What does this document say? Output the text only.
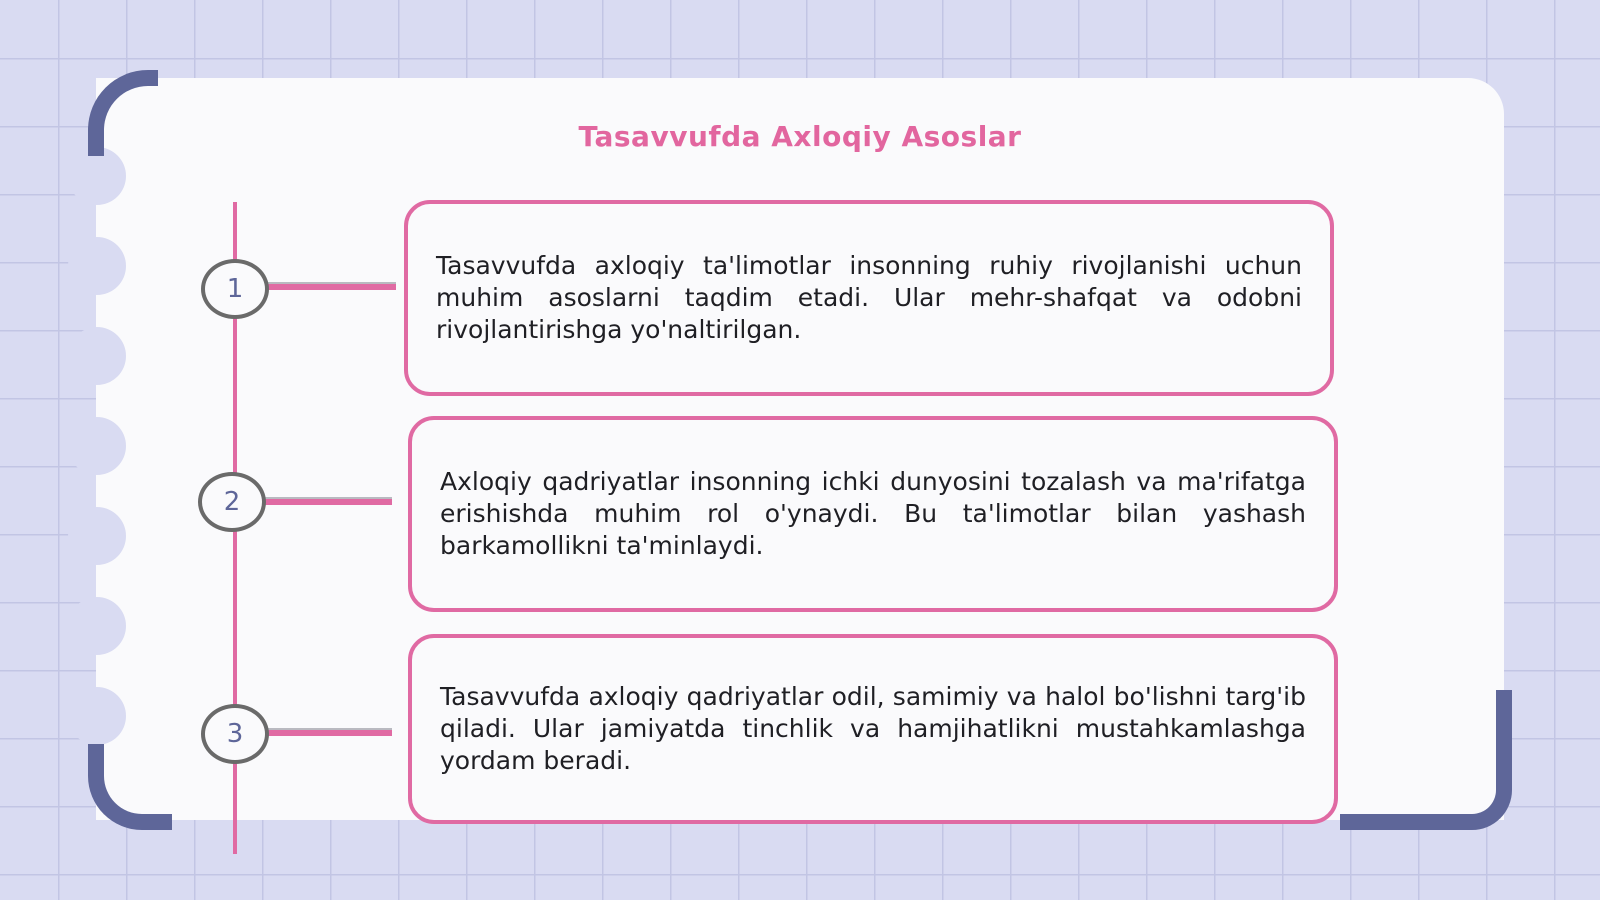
Tasavvufda Axloqiy Asoslar
1

Tasavvufda axloqiy ta'limotlar insonning ruhiy rivojlanishi uchun muhim asoslarni taqdim etadi. Ular mehr-shafqat va odobni rivojlantirishga yo'naltirilgan.

2

Axloqiy qadriyatlar insonning ichki dunyosini tozalash va ma'rifatga erishishda muhim rol o'ynaydi. Bu ta'limotlar bilan yashash barkamollikni ta'minlaydi.

3

Tasavvufda axloqiy qadriyatlar odil, samimiy va halol bo'lishni targ'ib qiladi. Ular jamiyatda tinchlik va hamjihatlikni mustahkamlashga yordam beradi.
